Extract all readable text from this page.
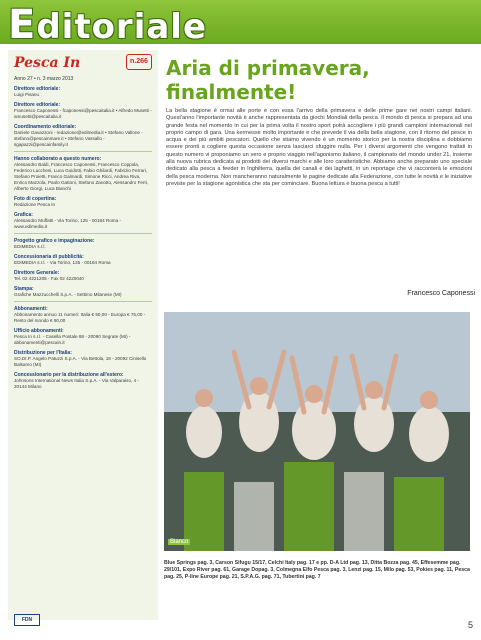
Editoriale
Pesca In	n.266
Anno 27 • n. 3 marzo 2013
Direttore editoriale:
Luigi Pisanu
Direttore editoriale:
Francesco Caponessi - fcaponessi@pescaitalia.it • Alfredo Musetti - amusetti@pescaitalia.it
Coordinamento editoriale:
Daniele Gavazzoni - redazione@edimedia.it • Stefano Vallone - stefano@pescainmare.it • Stefano Vassallo - sgapazzi@pescainfamily.it
Hanno collaborato a questo numero:
Alessandro Baldi, Francesco Caponessi, Francesco Coppola, Federico Lucchesi, Luca Guidotti, Fabio Ghilardi, Fabrizio Ferrari, Stefano Proietti, Franco Galmardi, Simone Ricci, Andrea Riva, Enrico Mazzola, Paolo Gattoni, Stefano Zanotto, Alessandro Ferri, Alberto Giorgi, Luca Bianchi
Foto di copertina:
Redazione Pesca In
Grafica:
Alessandro Muffatti - Via Torino, 125 - 00184 Roma - www.edimedia.it
Progetto grafico e impaginazione:
EDIMEDIA s.r.l.
Concessionaria di pubblicità:
EDIMEDIA s.r.l. - Via Torino, 125 - 00184 Roma
Direttore Generale:
Tel. 02 4221205 - Fax 02 4220040
Stampa:
Grafiche Mazzucchelli S.p.A. - Settimo Milanese (MI)
Abbonamenti:
Abbonamento annuo 11 numeri: Italia € 50,00 - Europa € 75,00 - Resto del mondo € 90,00
Ufficio abbonamenti:
Pesca In s.r.l. - Casella Postale 88 - 20090 Segrate (MI) - abbonamenti@pescain.it
Distribuzione per l'Italia:
SO.DI.P. Angelo Patuzzi S.p.A. - Via Bettola, 18 - 20092 Cinisello Balsamo (MI)
Concessionario per la distribuzione all'estero:
Johnsons International News Italia S.p.A. - Via Valparaiso, 4 - 20144 Milano
Aria di primavera, finalmente!
La bella stagione è ormai alle porte e con essa l'arrivo della primavera e delle prime gare nei nostri campi italiani. Quest'anno l'importante novità è anche rappresentata da giochi Mondiali della pesca. Il mondo di pesca si prepara ad una grande festa nel momento in cui per la prima volta il nostro sport potrà accogliere i più grandi campioni internazionali nel proprio campo di gara. Una kermesse molto importante e che prevede il via della bella stagione, con il ritorno del pesce in acqua e dei più ambiti pescatori. Quello che stiamo vivendo è un momento storico per la nostra disciplina e dobbiamo essere pronti a cogliere questa occasione senza lasciarci sfuggire nulla. Per i diversi argomenti che vengono trattati in questo numero vi proponiamo un vero e proprio viaggio nell'agonismo italiano, il campionato del mondo under 21, insieme alla nuova rubrica dedicata ai prodotti dei diversi marchi e alle loro caratteristiche. Abbiamo anche preparato uno speciale dedicato alla pesca a feeder in Inghilterra, quella dei canali e dei laghetti, in un reportage che vi racconterà le emozioni della pesca moderna. Non mancheranno naturalmente le pagine dedicate alla Federazione, con tutte le novità e le iniziative previste per la stagione agonistica che sta per cominciare. Buona lettura e buona pesca a tutti!
Francesco Caponessi
Blanco
Blue Springs pag. 3, Carson Sifugu 15/17, Celchi Italy pag. 17 e pp. D-A Ltd pag. 13, Ditta Bozza pag. 45, Effesemme pag. 29/101, Expo River pag. 61, Garage Dopag. 3, Colmegna Elfo Pesca pag. 3, Lenzi pag. 15, Milo pag. 53, Pokies pag. 11, Pesca pag. 25, P-line Europe pag. 21, S.P.A.G. pag. 71, Tubertini pag. 7
FDN	5
